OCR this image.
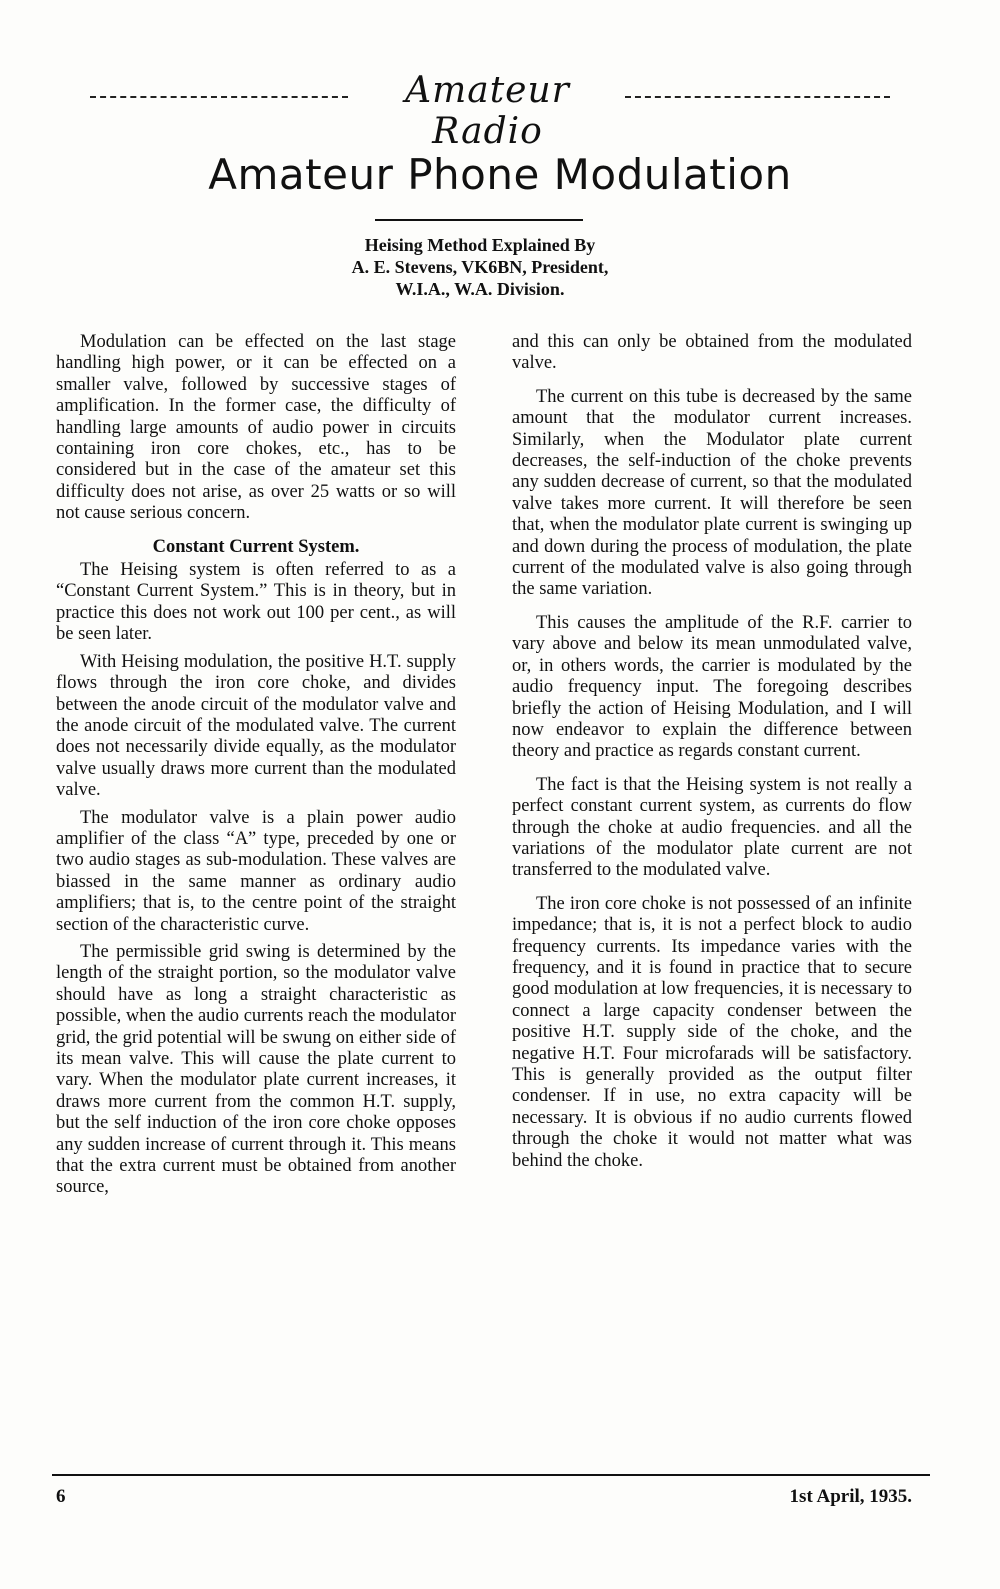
Amateur Radio
Amateur Phone Modulation
Heising Method Explained By
A. E. Stevens, VK6BN, President,
W.I.A., W.A. Division.

Modulation can be effected on the last stage handling high power, or it can be effected on a smaller valve, followed by successive stages of amplification. In the former case, the difficulty of handling large amounts of audio power in circuits containing iron core chokes, etc., has to be considered but in the case of the amateur set this difficulty does not arise, as over 25 watts or so will not cause serious concern.

Constant Current System.

The Heising system is often referred to as a “Constant Current System.” This is in theory, but in practice this does not work out 100 per cent., as will be seen later.

With Heising modulation, the positive H.T. supply flows through the iron core choke, and divides between the anode circuit of the modulator valve and the anode circuit of the modulated valve. The current does not necessarily divide equally, as the modulator valve usually draws more current than the modulated valve.

The modulator valve is a plain power audio amplifier of the class “A” type, preceded by one or two audio stages as sub-modulation. These valves are biassed in the same manner as ordinary audio amplifiers; that is, to the centre point of the straight section of the characteristic curve.

The permissible grid swing is determined by the length of the straight portion, so the modulator valve should have as long a straight characteristic as possible, when the audio currents reach the modulator grid, the grid potential will be swung on either side of its mean valve. This will cause the plate current to vary. When the modulator plate current increases, it draws more current from the common H.T. supply, but the self induction of the iron core choke opposes any sudden increase of current through it. This means that the extra current must be obtained from another source,

and this can only be obtained from the modulated valve.

The current on this tube is decreased by the same amount that the modulator current increases. Similarly, when the Modulator plate current decreases, the self-induction of the choke prevents any sudden decrease of current, so that the modulated valve takes more current. It will therefore be seen that, when the modulator plate current is swinging up and down during the process of modulation, the plate current of the modulated valve is also going through the same variation.

This causes the amplitude of the R.F. carrier to vary above and below its mean unmodulated valve, or, in others words, the carrier is modulated by the audio frequency input. The foregoing describes briefly the action of Heising Modulation, and I will now endeavor to explain the difference between theory and practice as regards constant current.

The fact is that the Heising system is not really a perfect constant current system, as currents do flow through the choke at audio frequencies. and all the variations of the modulator plate current are not transferred to the modulated valve.

The iron core choke is not possessed of an infinite impedance; that is, it is not a perfect block to audio frequency currents. Its impedance varies with the frequency, and it is found in practice that to secure good modulation at low frequencies, it is necessary to connect a large capacity condenser between the positive H.T. supply side of the choke, and the negative H.T. Four microfarads will be satisfactory. This is generally provided as the output filter condenser. If in use, no extra capacity will be necessary. It is obvious if no audio currents flowed through the choke it would not matter what was behind the choke.

6	1st April, 1935.
